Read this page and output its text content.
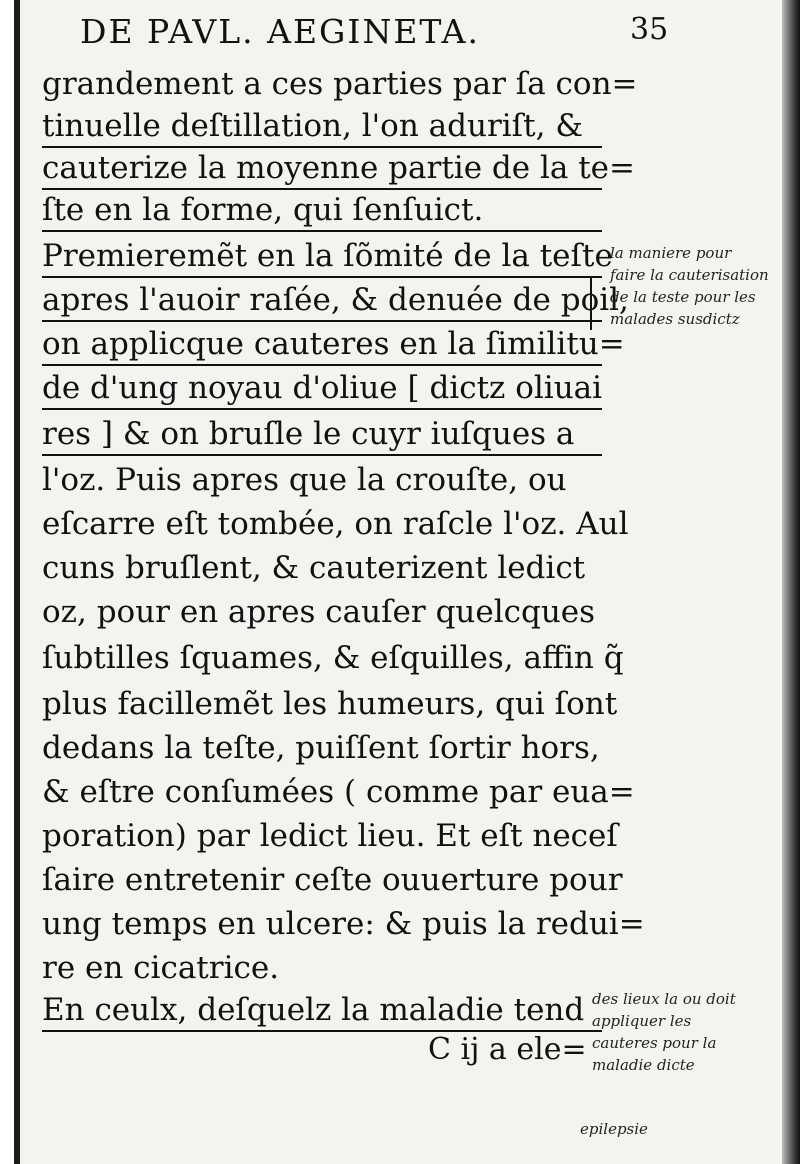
DE PAVL. AEGINETA.	35
grandement a ces parties par ſa con=
tinuelle deſtillation, l'on aduriſt, &
cauterize la moyenne partie de la te=
ſte en la forme, qui ſenſuict.
Premieremẽt en la ſõmité de la teſte
apres l'auoir raſée, & denuée de poil,
on applicque cauteres en la ſimilitu=
de d'ung noyau d'oliue [ dictz oliuai
res ] & on bruſle le cuyr iuſques a
l'oz. Puis apres que la crouſte, ou
eſcarre eſt tombée, on raſcle l'oz. Aul
cuns bruſlent, & cauterizent ledict
oz, pour en apres cauſer quelcques
ſubtilles ſquames, & eſquilles, affin q̃
plus facillemẽt les humeurs, qui ſont
dedans la teſte, puiſſent ſortir hors,
& eſtre conſumées ( comme par eua=
poration) par ledict lieu. Et eſt neceſ
ſaire entretenir ceſte ouuerture pour
ung temps en ulcere: & puis la redui=
re en cicatrice.
En ceulx, deſquelz la maladie tend
C ij a ele=
la maniere pour
faire la cauterisation
de la teste pour les
malades susdictz
des lieux la ou doit
appliquer les
cauteres pour la
maladie dicte
epilepsie
